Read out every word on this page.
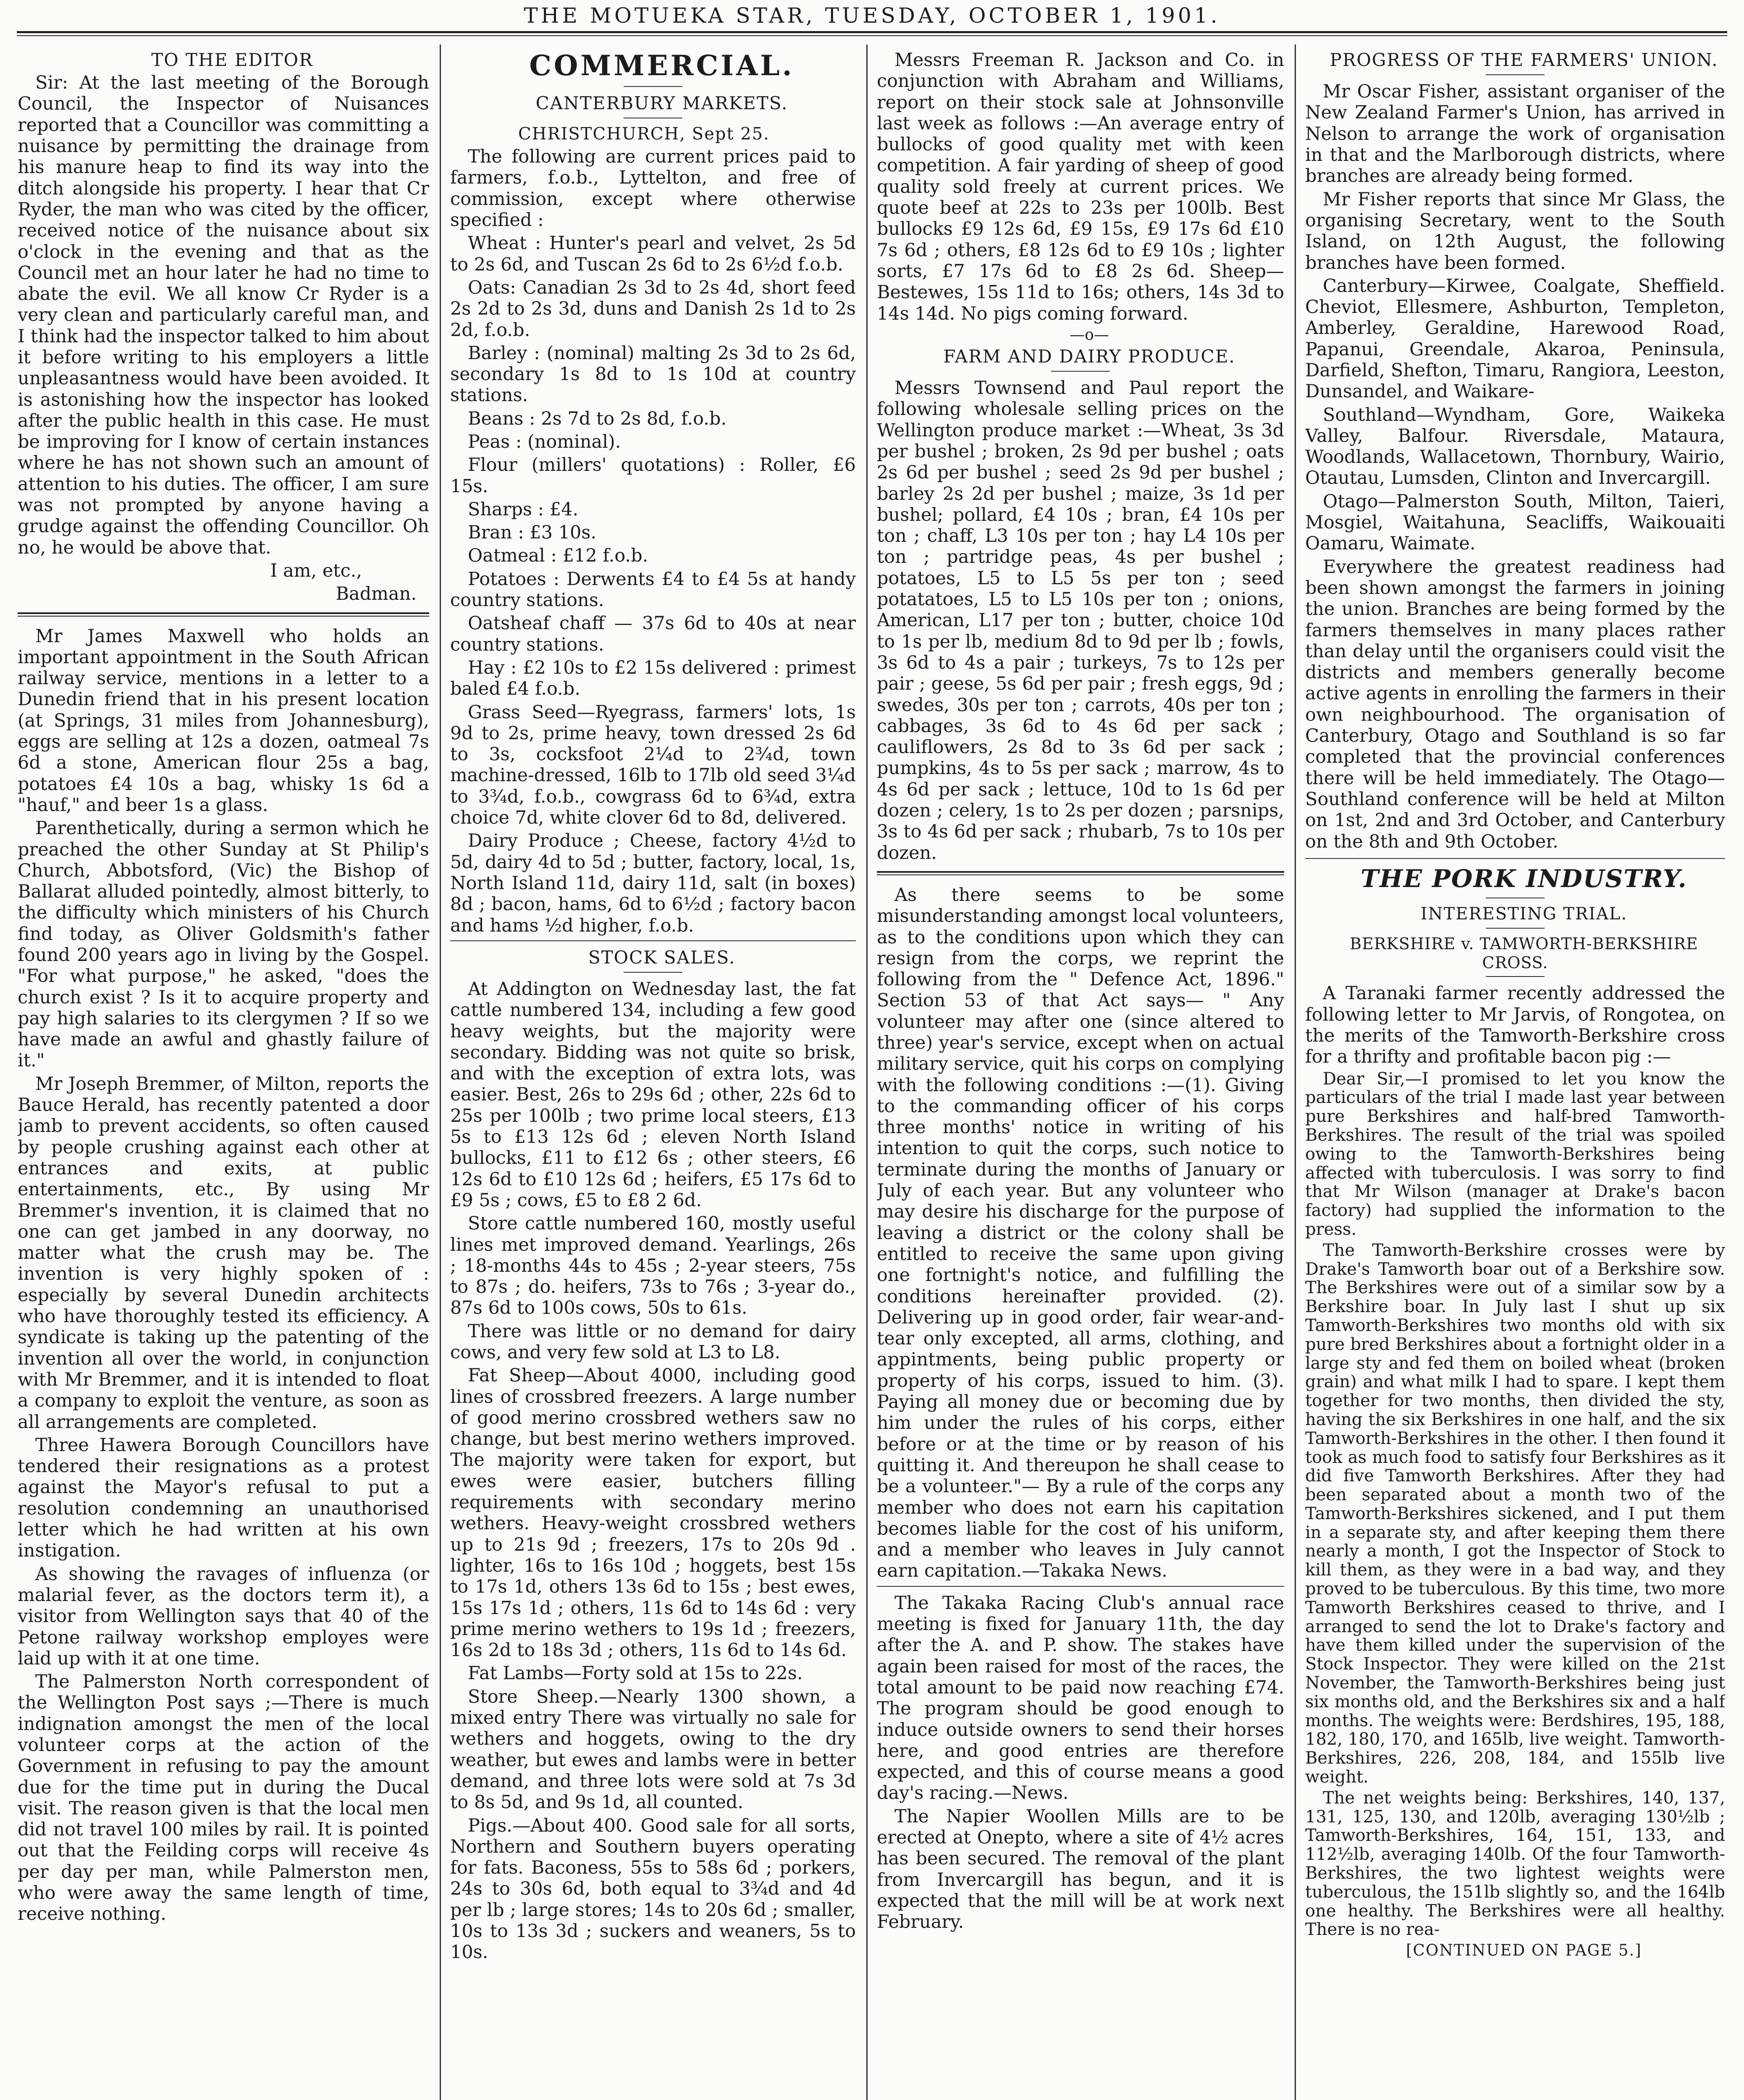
THE MOTUEKA STAR, TUESDAY, OCTOBER 1, 1901.

TO THE EDITOR

Sir: At the last meeting of the Borough Council, the Inspector of Nuisances reported that a Councillor was committing a nuisance by permitting the drainage from his manure heap to find its way into the ditch alongside his property. I hear that Cr Ryder, the man who was cited by the officer, received notice of the nuisance about six o'clock in the evening and that as the Council met an hour later he had no time to abate the evil. We all know Cr Ryder is a very clean and particularly careful man, and I think had the inspector talked to him about it before writing to his employers a little unpleasantness would have been avoided. It is astonishing how the inspector has looked after the public health in this case. He must be improving for I know of certain instances where he has not shown such an amount of attention to his duties. The officer, I am sure was not prompted by anyone having a grudge against the offending Councillor. Oh no, he would be above that.

I am, etc.,

Badman.

Mr James Maxwell who holds an important appointment in the South African railway service, mentions in a letter to a Dunedin friend that in his present location (at Springs, 31 miles from Johannesburg), eggs are selling at 12s a dozen, oatmeal 7s 6d a stone, American flour 25s a bag, potatoes £4 10s a bag, whisky 1s 6d a "hauf," and beer 1s a glass.

Parenthetically, during a sermon which he preached the other Sunday at St Philip's Church, Abbotsford, (Vic) the Bishop of Ballarat alluded pointedly, almost bitterly, to the difficulty which ministers of his Church find today, as Oliver Goldsmith's father found 200 years ago in living by the Gospel. "For what purpose," he asked, "does the church exist ? Is it to acquire property and pay high salaries to its clergymen ? If so we have made an awful and ghastly failure of it."

Mr Joseph Bremmer, of Milton, reports the Bauce Herald, has recently patented a door jamb to prevent accidents, so often caused by people crushing against each other at entrances and exits, at public entertainments, etc., By using Mr Bremmer's invention, it is claimed that no one can get jambed in any doorway, no matter what the crush may be. The invention is very highly spoken of : especially by several Dunedin architects who have thoroughly tested its efficiency. A syndicate is taking up the patenting of the invention all over the world, in conjunction with Mr Bremmer, and it is intended to float a company to exploit the venture, as soon as all arrangements are completed.

Three Hawera Borough Councillors have tendered their resignations as a protest against the Mayor's refusal to put a resolution condemning an unauthorised letter which he had written at his own instigation.

As showing the ravages of influenza (or malarial fever, as the doctors term it), a visitor from Wellington says that 40 of the Petone railway workshop employes were laid up with it at one time.

The Palmerston North correspondent of the Wellington Post says ;—There is much indignation amongst the men of the local volunteer corps at the action of the Government in refusing to pay the amount due for the time put in during the Ducal visit. The reason given is that the local men did not travel 100 miles by rail. It is pointed out that the Feilding corps will receive 4s per day per man, while Palmerston men, who were away the same length of time, receive nothing.

COMMERCIAL.

CANTERBURY MARKETS.

CHRISTCHURCH, Sept 25.

The following are current prices paid to farmers, f.o.b., Lyttelton, and free of commission, except where otherwise specified :

Wheat : Hunter's pearl and velvet, 2s 5d to 2s 6d, and Tuscan 2s 6d to 2s 6½d f.o.b.

Oats: Canadian 2s 3d to 2s 4d, short feed 2s 2d to 2s 3d, duns and Danish 2s 1d to 2s 2d, f.o.b.

Barley : (nominal) malting 2s 3d to 2s 6d, secondary 1s 8d to 1s 10d at country stations.

Beans : 2s 7d to 2s 8d, f.o.b.

Peas : (nominal).

Flour (millers' quotations) : Roller, £6 15s.

Sharps : £4.

Bran : £3 10s.

Oatmeal : £12 f.o.b.

Potatoes : Derwents £4 to £4 5s at handy country stations.

Oatsheaf chaff — 37s 6d to 40s at near country stations.

Hay : £2 10s to £2 15s delivered : primest baled £4 f.o.b.

Grass Seed—Ryegrass, farmers' lots, 1s 9d to 2s, prime heavy, town dressed 2s 6d to 3s, cocksfoot 2¼d to 2¾d, town machine-dressed, 16lb to 17lb old seed 3¼d to 3¾d, f.o.b., cowgrass 6d to 6¾d, extra choice 7d, white clover 6d to 8d, delivered.

Dairy Produce ; Cheese, factory 4½d to 5d, dairy 4d to 5d ; butter, factory, local, 1s, North Island 11d, dairy 11d, salt (in boxes) 8d ; bacon, hams, 6d to 6½d ; factory bacon and hams ½d higher, f.o.b.

STOCK SALES.

At Addington on Wednesday last, the fat cattle numbered 134, including a few good heavy weights, but the majority were secondary. Bidding was not quite so brisk, and with the exception of extra lots, was easier. Best, 26s to 29s 6d ; other, 22s 6d to 25s per 100lb ; two prime local steers, £13 5s to £13 12s 6d ; eleven North Island bullocks, £11 to £12 6s ; other steers, £6 12s 6d to £10 12s 6d ; heifers, £5 17s 6d to £9 5s ; cows, £5 to £8 2 6d.

Store cattle numbered 160, mostly useful lines met improved demand. Yearlings, 26s ; 18-months 44s to 45s ; 2-year steers, 75s to 87s ; do. heifers, 73s to 76s ; 3-year do., 87s 6d to 100s cows, 50s to 61s.

There was little or no demand for dairy cows, and very few sold at L3 to L8.

Fat Sheep—About 4000, including good lines of crossbred freezers. A large number of good merino crossbred wethers saw no change, but best merino wethers improved. The majority were taken for export, but ewes were easier, butchers filling requirements with secondary merino wethers. Heavy-weight crossbred wethers up to 21s 9d ; freezers, 17s to 20s 9d . lighter, 16s to 16s 10d ; hoggets, best 15s to 17s 1d, others 13s 6d to 15s ; best ewes, 15s 17s 1d ; others, 11s 6d to 14s 6d : very prime merino wethers to 19s 1d ; freezers, 16s 2d to 18s 3d ; others, 11s 6d to 14s 6d.

Fat Lambs—Forty sold at 15s to 22s.

Store Sheep.—Nearly 1300 shown, a mixed entry There was virtually no sale for wethers and hoggets, owing to the dry weather, but ewes and lambs were in better demand, and three lots were sold at 7s 3d to 8s 5d, and 9s 1d, all counted.

Pigs.—About 400. Good sale for all sorts, Northern and Southern buyers operating for fats. Baconess, 55s to 58s 6d ; porkers, 24s to 30s 6d, both equal to 3¾d and 4d per lb ; large stores; 14s to 20s 6d ; smaller, 10s to 13s 3d ; suckers and weaners, 5s to 10s.

Messrs Freeman R. Jackson and Co. in conjunction with Abraham and Williams, report on their stock sale at Johnsonville last week as follows :—An average entry of bullocks of good quality met with keen competition. A fair yarding of sheep of good quality sold freely at current prices. We quote beef at 22s to 23s per 100lb. Best bullocks £9 12s 6d, £9 15s, £9 17s 6d £10 7s 6d ; others, £8 12s 6d to £9 10s ; lighter sorts, £7 17s 6d to £8 2s 6d. Sheep—Bestewes, 15s 11d to 16s; others, 14s 3d to 14s 14d. No pigs coming forward.

—o—

FARM AND DAIRY PRODUCE.

Messrs Townsend and Paul report the following wholesale selling prices on the Wellington produce market :—Wheat, 3s 3d per bushel ; broken, 2s 9d per bushel ; oats 2s 6d per bushel ; seed 2s 9d per bushel ; barley 2s 2d per bushel ; maize, 3s 1d per bushel; pollard, £4 10s ; bran, £4 10s per ton ; chaff, L3 10s per ton ; hay L4 10s per ton ; partridge peas, 4s per bushel ; potatoes, L5 to L5 5s per ton ; seed potatatoes, L5 to L5 10s per ton ; onions, American, L17 per ton ; butter, choice 10d to 1s per lb, medium 8d to 9d per lb ; fowls, 3s 6d to 4s a pair ; turkeys, 7s to 12s per pair ; geese, 5s 6d per pair ; fresh eggs, 9d ; swedes, 30s per ton ; carrots, 40s per ton ; cabbages, 3s 6d to 4s 6d per sack ; cauliflowers, 2s 8d to 3s 6d per sack ; pumpkins, 4s to 5s per sack ; marrow, 4s to 4s 6d per sack ; lettuce, 10d to 1s 6d per dozen ; celery, 1s to 2s per dozen ; parsnips, 3s to 4s 6d per sack ; rhubarb, 7s to 10s per dozen.

As there seems to be some misunderstanding amongst local volunteers, as to the conditions upon which they can resign from the corps, we reprint the following from the " Defence Act, 1896." Section 53 of that Act says— " Any volunteer may after one (since altered to three) year's service, except when on actual military service, quit his corps on complying with the following conditions :—(1). Giving to the commanding officer of his corps three months' notice in writing of his intention to quit the corps, such notice to terminate during the months of January or July of each year. But any volunteer who may desire his discharge for the purpose of leaving a district or the colony shall be entitled to receive the same upon giving one fortnight's notice, and fulfilling the conditions hereinafter provided. (2). Delivering up in good order, fair wear-and-tear only excepted, all arms, clothing, and appintments, being public property or property of his corps, issued to him. (3). Paying all money due or becoming due by him under the rules of his corps, either before or at the time or by reason of his quitting it. And thereupon he shall cease to be a volunteer."— By a rule of the corps any member who does not earn his capitation becomes liable for the cost of his uniform, and a member who leaves in July cannot earn capitation.—Takaka News.

The Takaka Racing Club's annual race meeting is fixed for January 11th, the day after the A. and P. show. The stakes have again been raised for most of the races, the total amount to be paid now reaching £74. The program should be good enough to induce outside owners to send their horses here, and good entries are therefore expected, and this of course means a good day's racing.—News.

The Napier Woollen Mills are to be erected at Onepto, where a site of 4½ acres has been secured. The removal of the plant from Invercargill has begun, and it is expected that the mill will be at work next February.

PROGRESS OF THE FARMERS' UNION.

Mr Oscar Fisher, assistant organiser of the New Zealand Farmer's Union, has arrived in Nelson to arrange the work of organisation in that and the Marlborough districts, where branches are already being formed.

Mr Fisher reports that since Mr Glass, the organising Secretary, went to the South Island, on 12th August, the following branches have been formed.

Canterbury—Kirwee, Coalgate, Sheffield. Cheviot, Ellesmere, Ashburton, Templeton, Amberley, Geraldine, Harewood Road, Papanui, Greendale, Akaroa, Peninsula, Darfield, Shefton, Timaru, Rangiora, Leeston, Dunsandel, and Waikare-

Southland—Wyndham, Gore, Waikeka Valley, Balfour. Riversdale, Mataura, Woodlands, Wallacetown, Thornbury, Wairio, Otautau, Lumsden, Clinton and Invercargill.

Otago—Palmerston South, Milton, Taieri, Mosgiel, Waitahuna, Seacliffs, Waikouaiti Oamaru, Waimate.

Everywhere the greatest readiness had been shown amongst the farmers in joining the union. Branches are being formed by the farmers themselves in many places rather than delay until the organisers could visit the districts and members generally become active agents in enrolling the farmers in their own neighbourhood. The organisation of Canterbury, Otago and Southland is so far completed that the provincial conferences there will be held immediately. The Otago—Southland conference will be held at Milton on 1st, 2nd and 3rd October, and Canterbury on the 8th and 9th October.

THE PORK INDUSTRY.

INTERESTING TRIAL.

BERKSHIRE v. TAMWORTH-BERKSHIRE CROSS.

A Taranaki farmer recently addressed the following letter to Mr Jarvis, of Rongotea, on the merits of the Tamworth-Berkshire cross for a thrifty and profitable bacon pig :—

Dear Sir,—I promised to let you know the particulars of the trial I made last year between pure Berkshires and half-bred Tamworth-Berkshires. The result of the trial was spoiled owing to the Tamworth-Berkshires being affected with tuberculosis. I was sorry to find that Mr Wilson (manager at Drake's bacon factory) had supplied the information to the press.

The Tamworth-Berkshire crosses were by Drake's Tamworth boar out of a Berkshire sow. The Berkshires were out of a similar sow by a Berkshire boar. In July last I shut up six Tamworth-Berkshires two months old with six pure bred Berkshires about a fortnight older in a large sty and fed them on boiled wheat (broken grain) and what milk I had to spare. I kept them together for two months, then divided the sty, having the six Berkshires in one half, and the six Tamworth-Berkshires in the other. I then found it took as much food to satisfy four Berkshires as it did five Tamworth Berkshires. After they had been separated about a month two of the Tamworth-Berkshires sickened, and I put them in a separate sty, and after keeping them there nearly a month, I got the Inspector of Stock to kill them, as they were in a bad way, and they proved to be tuberculous. By this time, two more Tamworth Berkshires ceased to thrive, and I arranged to send the lot to Drake's factory and have them killed under the supervision of the Stock Inspector. They were killed on the 21st November, the Tamworth-Berkshires being just six months old, and the Berkshires six and a half months. The weights were: Berdshires, 195, 188, 182, 180, 170, and 165lb, live weight. Tamworth-Berkshires, 226, 208, 184, and 155lb live weight.

The net weights being: Berkshires, 140, 137, 131, 125, 130, and 120lb, averaging 130½lb ; Tamworth-Berkshires, 164, 151, 133, and 112½lb, averaging 140lb. Of the four Tamworth-Berkshires, the two lightest weights were tuberculous, the 151lb slightly so, and the 164lb one healthy. The Berkshires were all healthy. There is no rea-

[CONTINUED ON PAGE 5.]
